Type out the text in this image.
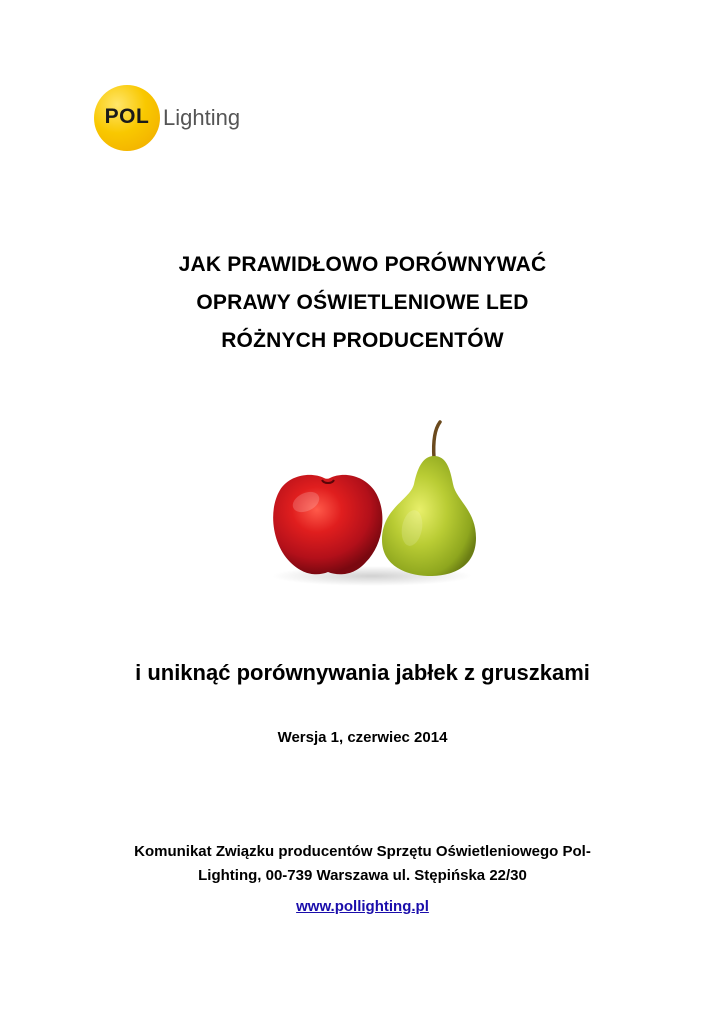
POL Lighting
JAK PRAWIDŁOWO PORÓWNYWAĆ
OPRAWY OŚWIETLENIOWE LED
RÓŻNYCH PRODUCENTÓW
i uniknąć porównywania jabłek z gruszkami
Wersja 1, czerwiec 2014
Komunikat Związku producentów Sprzętu Oświetleniowego Pol-
Lighting, 00-739 Warszawa ul. Stępińska 22/30
www.pollighting.pl
